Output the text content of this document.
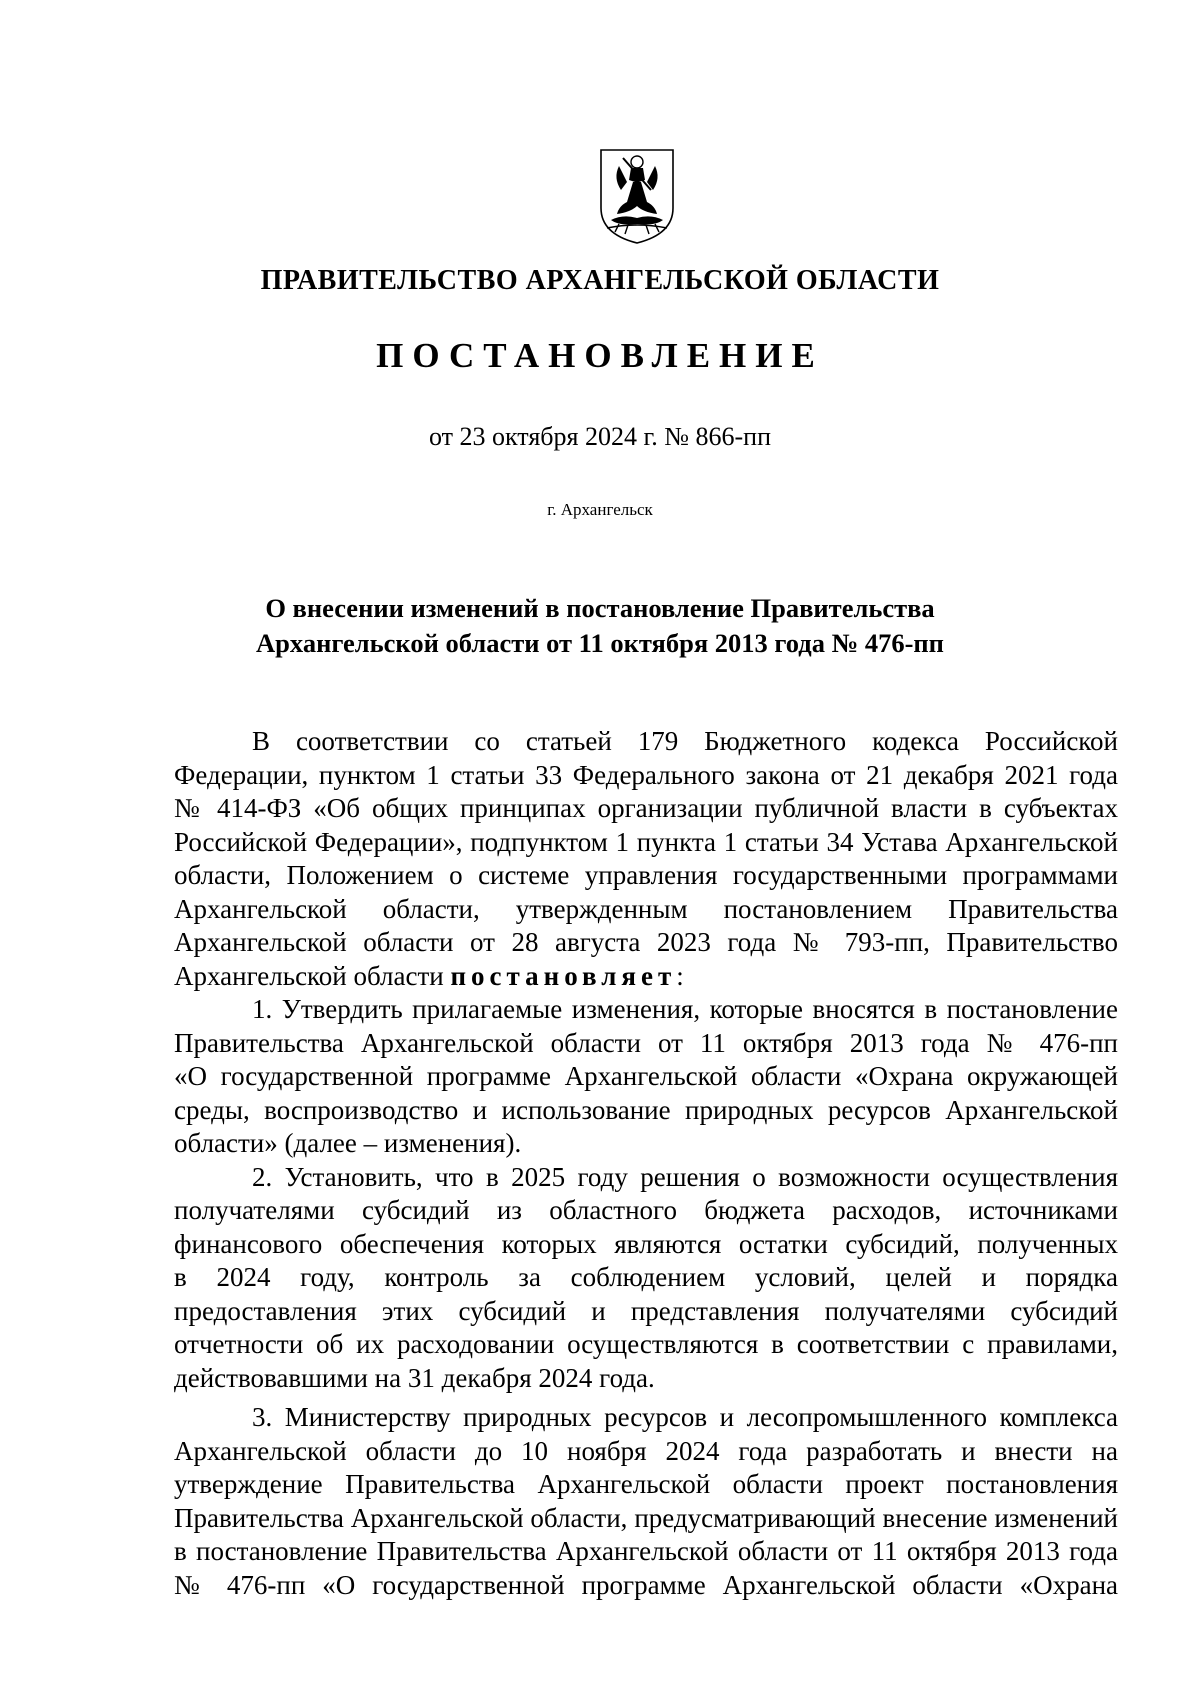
ПРАВИТЕЛЬСТВО АРХАНГЕЛЬСКОЙ ОБЛАСТИ
ПОСТАНОВЛЕНИЕ
от 23 октября 2024 г. № 866-пп
г. Архангельск
О внесении изменений в постановление Правительства
Архангельской области от 11 октября 2013 года № 476-пп
В соответствии со статьей 179 Бюджетного кодекса Российской
Федерации, пунктом 1 статьи 33 Федерального закона от 21 декабря 2021 года
№ 414-ФЗ «Об общих принципах организации публичной власти в субъектах
Российской Федерации», подпунктом 1 пункта 1 статьи 34 Устава Архангельской
области, Положением о системе управления государственными программами
Архангельской области, утвержденным постановлением Правительства
Архангельской области от 28 августа 2023 года № 793-пп, Правительство
Архангельской области постановляет:
1. Утвердить прилагаемые изменения, которые вносятся в постановление
Правительства Архангельской области от 11 октября 2013 года № 476-пп
«О государственной программе Архангельской области «Охрана окружающей
среды, воспроизводство и использование природных ресурсов Архангельской
области» (далее – изменения).
2. Установить, что в 2025 году решения о возможности осуществления
получателями субсидий из областного бюджета расходов, источниками
финансового обеспечения которых являются остатки субсидий, полученных
в 2024 году, контроль за соблюдением условий, целей и порядка
предоставления этих субсидий и представления получателями субсидий
отчетности об их расходовании осуществляются в соответствии с правилами,
действовавшими на 31 декабря 2024 года.
3. Министерству природных ресурсов и лесопромышленного комплекса
Архангельской области до 10 ноября 2024 года разработать и внести на
утверждение Правительства Архангельской области проект постановления
Правительства Архангельской области, предусматривающий внесение изменений
в постановление Правительства Архангельской области от 11 октября 2013 года
№ 476-пп «О государственной программе Архангельской области «Охрана
